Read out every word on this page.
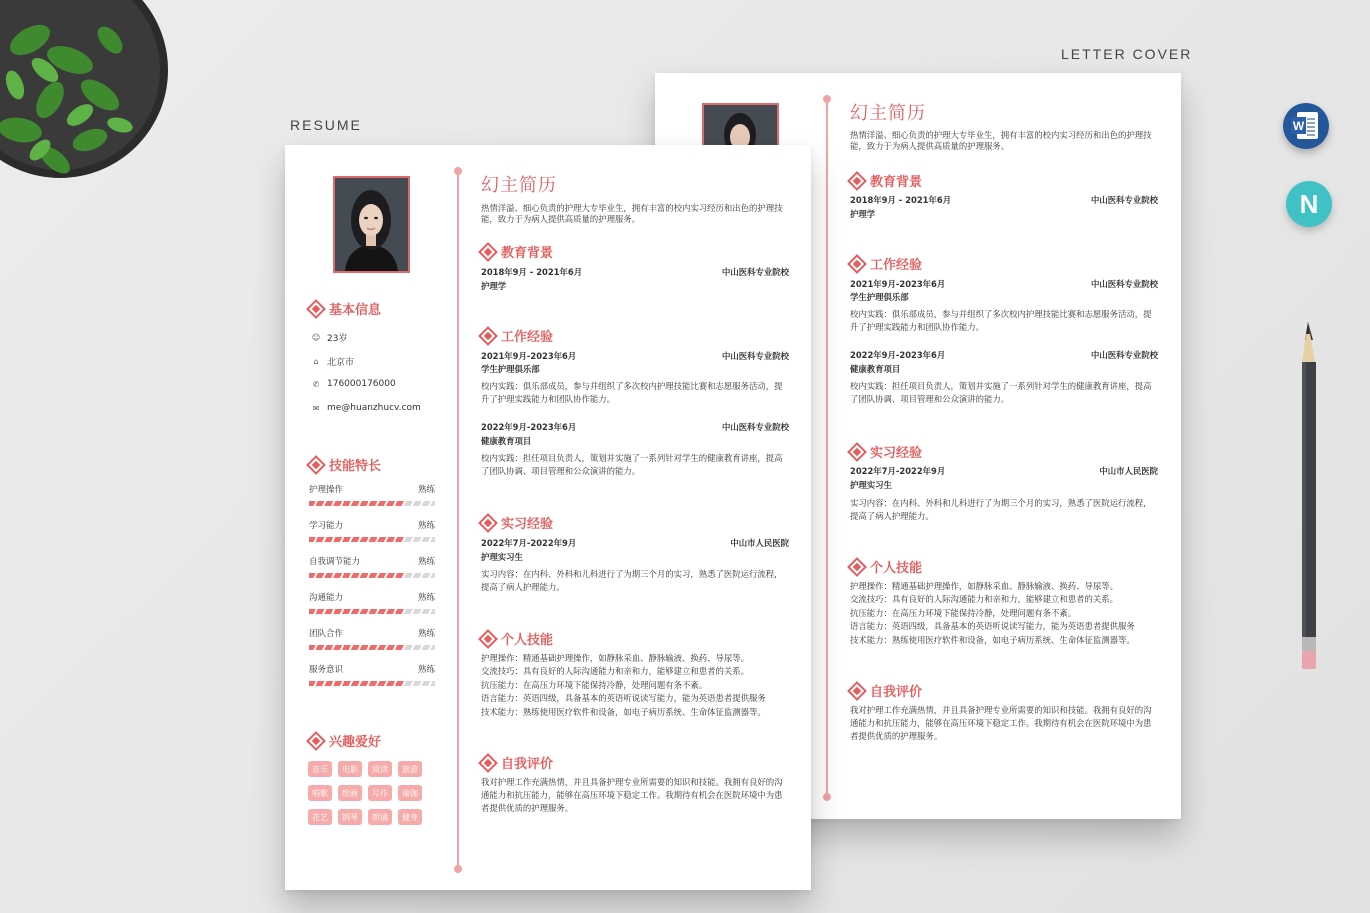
RESUME
LETTER COVER
幻主简历
热情洋溢、细心负责的护理大专毕业生，拥有丰富的校内实习经历和出色的护理技能，致力于为病人提供高质量的护理服务。
教育背景
2018年9月 - 2021年6月	中山医科专业院校
护理学
工作经验
2021年9月-2023年6月	中山医科专业院校
学生护理俱乐部
校内实践：俱乐部成员，参与并组织了多次校内护理技能比赛和志愿服务活动，提升了护理实践能力和团队协作能力。
2022年9月-2023年6月	中山医科专业院校
健康教育项目
校内实践：担任项目负责人，策划并实施了一系列针对学生的健康教育讲座，提高了团队协调、项目管理和公众演讲的能力。
实习经验
2022年7月-2022年9月	中山市人民医院
护理实习生
实习内容：在内科、外科和儿科进行了为期三个月的实习，熟悉了医院运行流程，提高了病人护理能力。
个人技能
护理操作：精通基础护理操作，如静脉采血、静脉输液、换药、导尿等。
交流技巧：具有良好的人际沟通能力和亲和力，能够建立和患者的关系。
抗压能力：在高压力环境下能保持冷静，处理问题有条不紊。
语言能力：英语四级，具备基本的英语听说读写能力，能为英语患者提供服务
技术能力：熟练使用医疗软件和设备，如电子病历系统、生命体征监测器等。
自我评价
我对护理工作充满热情，并且具备护理专业所需要的知识和技能。我拥有良好的沟通能力和抗压能力，能够在高压环境下稳定工作。我期待有机会在医院环境中为患者提供优质的护理服务。
基本信息
☺ 23岁
⌂ 北京市
✆ 176000176000
✉ me@huanzhucv.com
技能特长
护理操作	熟练
学习能力	熟练
自我调节能力	熟练
沟通能力	熟练
团队合作	熟练
服务意识	熟练
兴趣爱好
音乐	电影	阅读	旅游
唱歌	绘画	写作	瑜伽
花艺	钢琴	朗诵	健身
幻主简历
热情洋溢、细心负责的护理大专毕业生，拥有丰富的校内实习经历和出色的护理技能，致力于为病人提供高质量的护理服务。
教育背景
2018年9月 - 2021年6月	中山医科专业院校
护理学
工作经验
2021年9月-2023年6月	中山医科专业院校
学生护理俱乐部
校内实践：俱乐部成员，参与并组织了多次校内护理技能比赛和志愿服务活动，提升了护理实践能力和团队协作能力。
2022年9月-2023年6月	中山医科专业院校
健康教育项目
校内实践：担任项目负责人，策划并实施了一系列针对学生的健康教育讲座，提高了团队协调、项目管理和公众演讲的能力。
实习经验
2022年7月-2022年9月	中山市人民医院
护理实习生
实习内容：在内科、外科和儿科进行了为期三个月的实习，熟悉了医院运行流程，提高了病人护理能力。
个人技能
护理操作：精通基础护理操作，如静脉采血、静脉输液、换药、导尿等。
交流技巧：具有良好的人际沟通能力和亲和力，能够建立和患者的关系。
抗压能力：在高压力环境下能保持冷静，处理问题有条不紊。
语言能力：英语四级，具备基本的英语听说读写能力，能为英语患者提供服务
技术能力：熟练使用医疗软件和设备，如电子病历系统、生命体征监测器等。
自我评价
我对护理工作充满热情，并且具备护理专业所需要的知识和技能。我拥有良好的沟通能力和抗压能力，能够在高压环境下稳定工作。我期待有机会在医院环境中为患者提供优质的护理服务。
W
N
